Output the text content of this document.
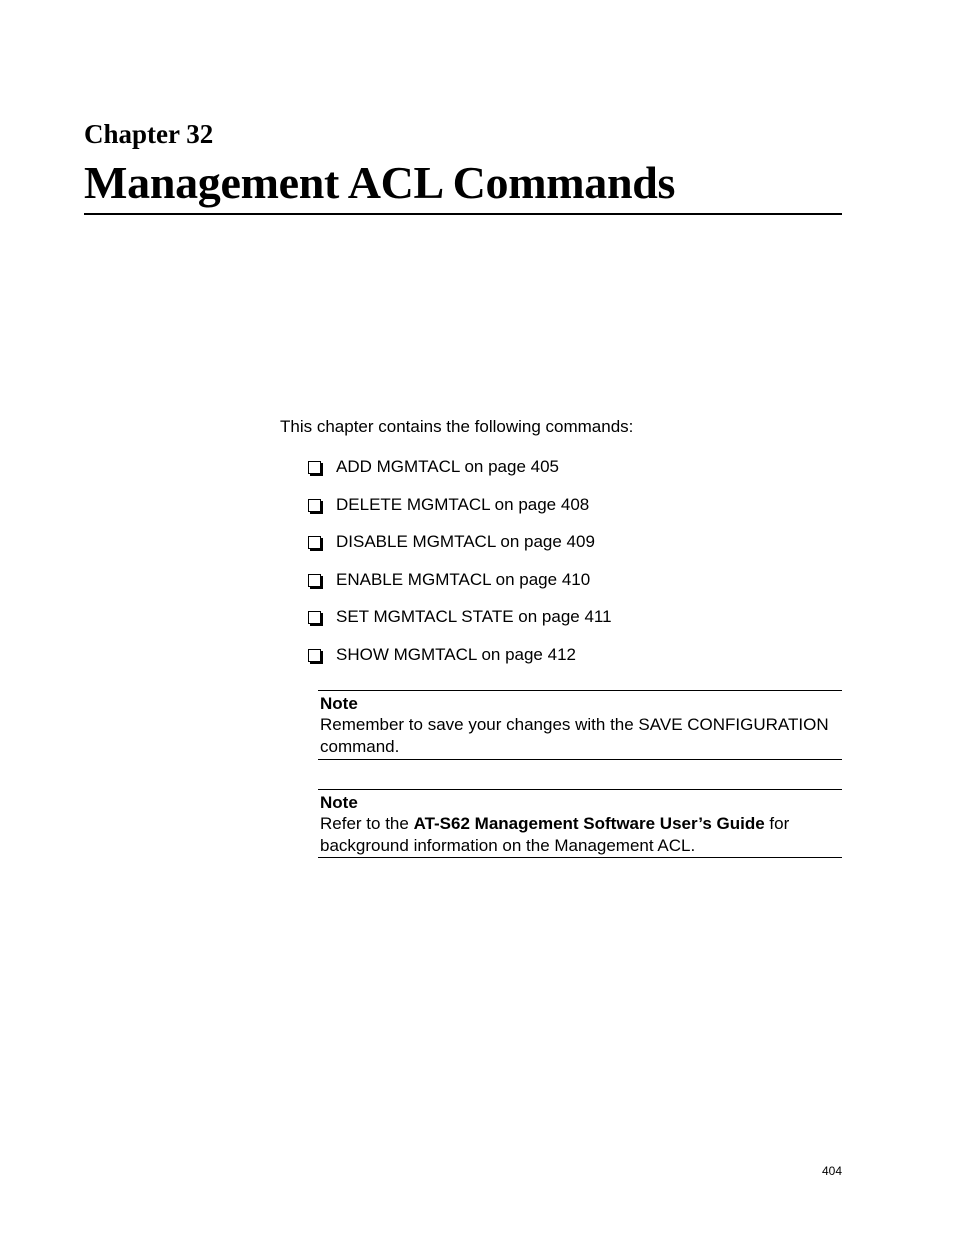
Chapter 32

Management ACL Commands

This chapter contains the following commands:

ADD MGMTACL on page 405
DELETE MGMTACL on page 408
DISABLE MGMTACL on page 409
ENABLE MGMTACL on page 410
SET MGMTACL STATE on page 411
SHOW MGMTACL on page 412
Note
Remember to save your changes with the SAVE CONFIGURATION
command.
Note
Refer to the AT-S62 Management Software User’s Guide for
background information on the Management ACL.

404
